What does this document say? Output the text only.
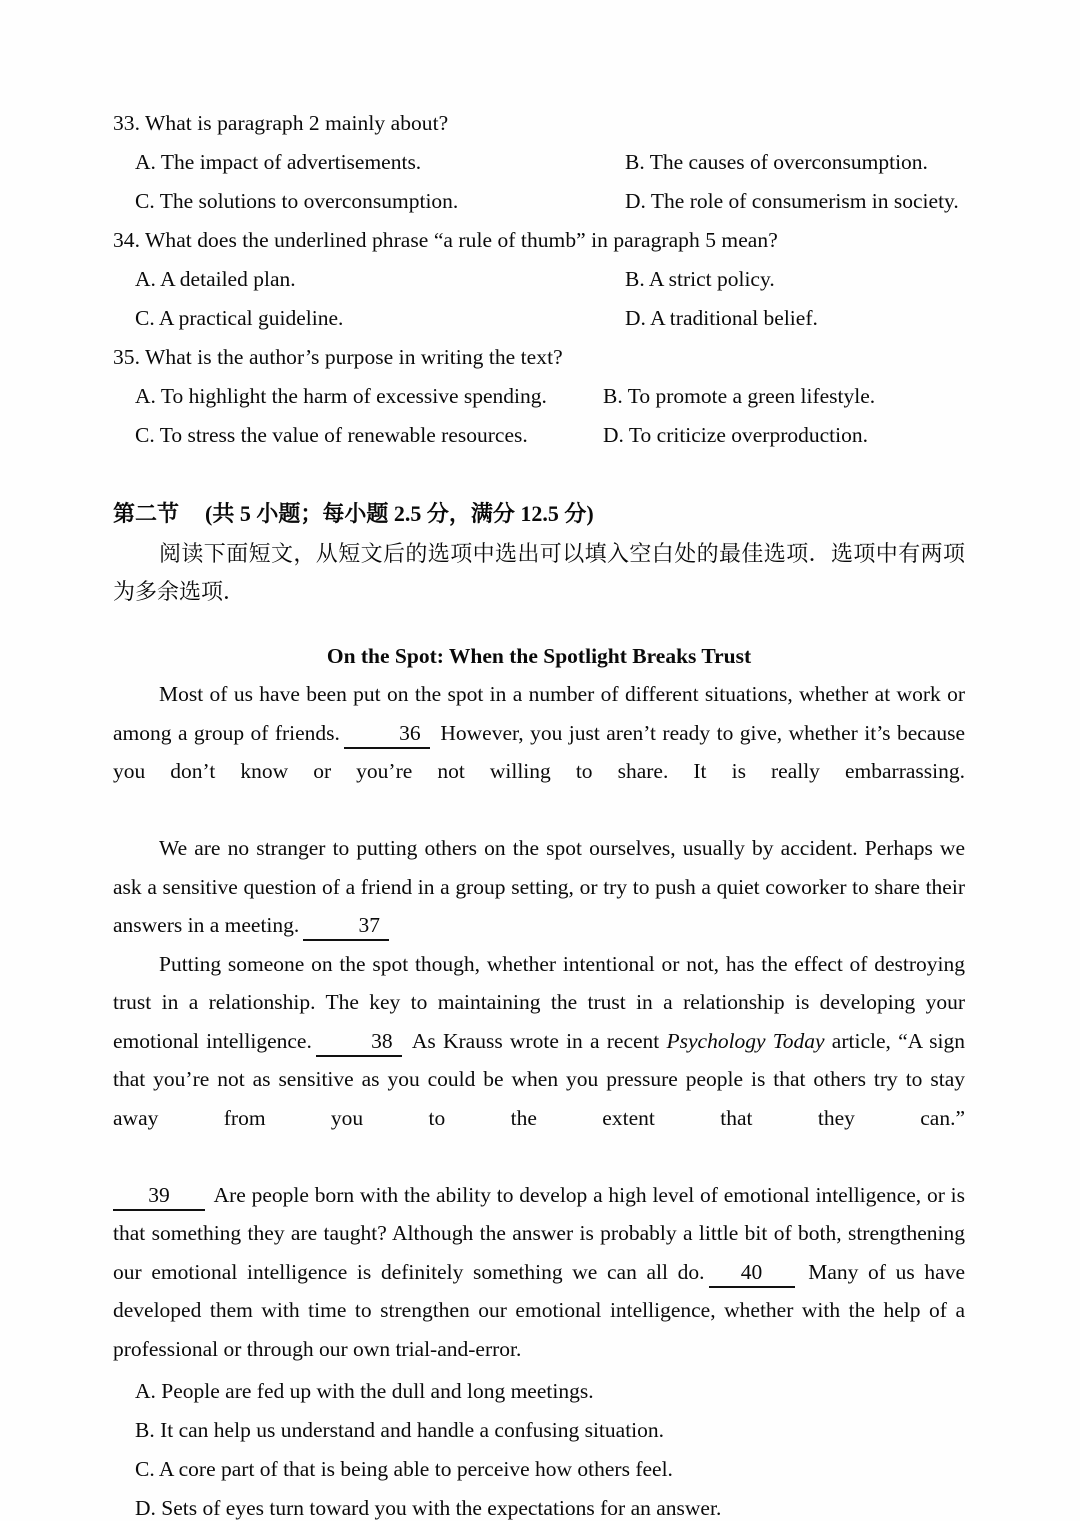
33. What is paragraph 2 mainly about?
A. The impact of advertisements.	B. The causes of overconsumption.
C. The solutions to overconsumption.	D. The role of consumerism in society.
34. What does the underlined phrase “a rule of thumb” in paragraph 5 mean?
A. A detailed plan.	B. A strict policy.
C. A practical guideline.	D. A traditional belief.
35. What is the author’s purpose in writing the text?
A. To highlight the harm of excessive spending.	B. To promote a green lifestyle.
C. To stress the value of renewable resources.	D. To criticize overproduction.
第二节 (共 5 小题；每小题 2.5 分，满分 12.5 分)
阅读下面短文，从短文后的选项中选出可以填入空白处的最佳选项．选项中有两项为多余选项．
On the Spot: When the Spotlight Breaks Trust

Most of us have been put on the spot in a number of different situations, whether at work or among a group of friends.	36 However, you just aren’t ready to give, whether it’s because you don’t know or you’re not willing to share. It is really embarrassing.

We are no stranger to putting others on the spot ourselves, usually by accident. Perhaps we ask a sensitive question of a friend in a group setting, or try to push a quiet coworker to share their answers in a meeting.	37

Putting someone on the spot though, whether intentional or not, has the effect of destroying trust in a relationship. The key to maintaining the trust in a relationship is developing your emotional intelligence.	38 As Krauss wrote in a recent Psychology Today article, “A sign that you’re not as sensitive as you could be when you pressure people is that others try to stay away from you to the extent that they can.”

39 Are people born with the ability to develop a high level of emotional intelligence, or is that something they are taught? Although the answer is probably a little bit of both, strengthening our emotional intelligence is definitely something we can all do. 40 Many of us have developed them with time to strengthen our emotional intelligence, whether with the help of a professional or through our own trial-and-error.

A. People are fed up with the dull and long meetings.
B. It can help us understand and handle a confusing situation.
C. A core part of that is being able to perceive how others feel.
D. Sets of eyes turn toward you with the expectations for an answer.
